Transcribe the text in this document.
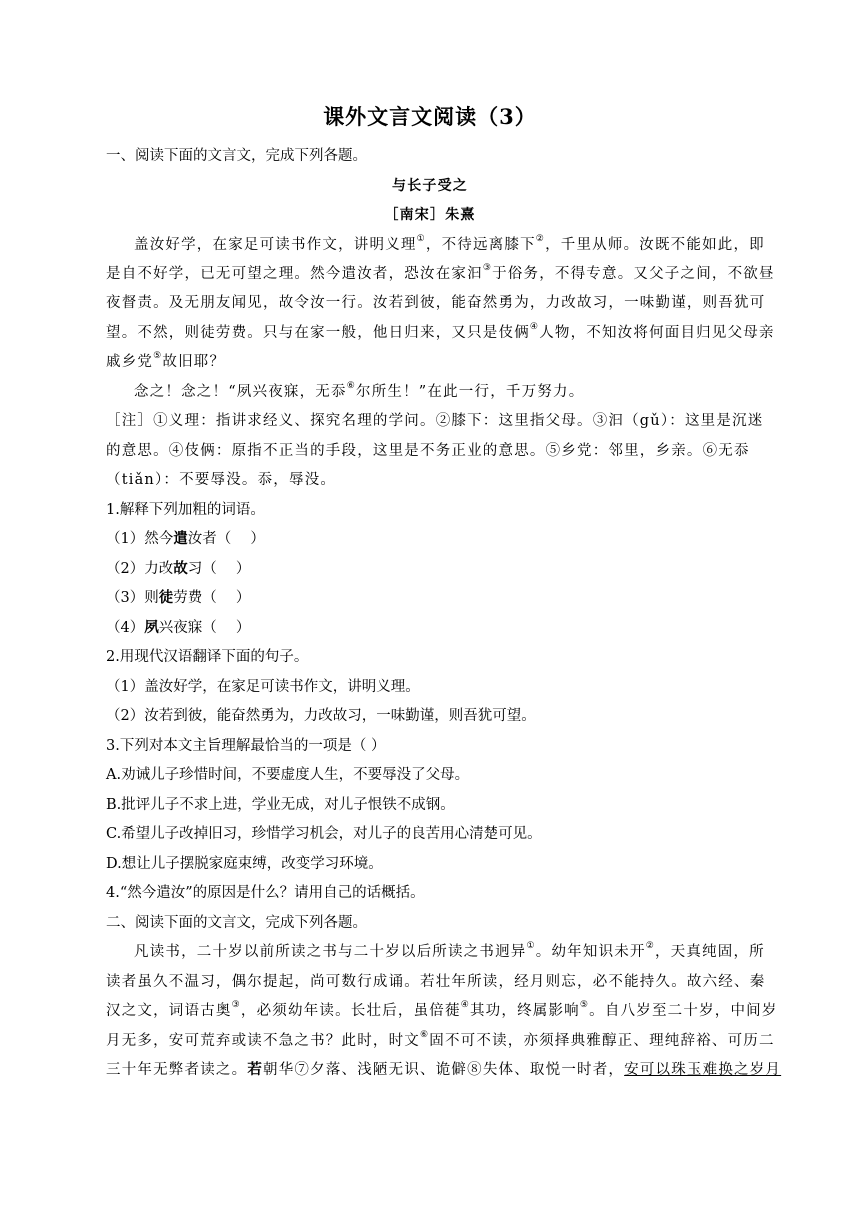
课外文言文阅读（3）
一、阅读下面的文言文，完成下列各题。
与长子受之
［南宋］朱熹
盖汝好学，在家足可读书作文，讲明义理①，不待远离膝下②，千里从师。汝既不能如此，即
是自不好学，已无可望之理。然今遣汝者，恐汝在家汩③于俗务，不得专意。又父子之间，不欲昼
夜督责。及无朋友闻见，故令汝一行。汝若到彼，能奋然勇为，力改故习，一味勤谨，则吾犹可
望。不然，则徒劳费。只与在家一般，他日归来，又只是伎俩④人物，不知汝将何面目归见父母亲
戚乡党⑤故旧耶？
念之！念之！“夙兴夜寐，无忝⑥尔所生！”在此一行，千万努力。
［注］①义理：指讲求经义、探究名理的学问。②膝下：这里指父母。③汩（gǔ）：这里是沉迷
的意思。④伎俩：原指不正当的手段，这里是不务正业的意思。⑤乡党：邻里，乡亲。⑥无忝
（tiǎn）：不要辱没。忝，辱没。
1.解释下列加粗的词语。
（1）然今遣汝者（　 ）
（2）力改故习（　 ）
（3）则徒劳费（　 ）
（4）夙兴夜寐（　 ）
2.用现代汉语翻译下面的句子。
（1）盖汝好学，在家足可读书作文，讲明义理。
（2）汝若到彼，能奋然勇为，力改故习，一味勤谨，则吾犹可望。
3.下列对本文主旨理解最恰当的一项是（ ）
A.劝诫儿子珍惜时间，不要虚度人生，不要辱没了父母。
B.批评儿子不求上进，学业无成，对儿子恨铁不成钢。
C.希望儿子改掉旧习，珍惜学习机会，对儿子的良苦用心清楚可见。
D.想让儿子摆脱家庭束缚，改变学习环境。
4.“然今遣汝”的原因是什么？请用自己的话概括。
二、阅读下面的文言文，完成下列各题。
凡读书，二十岁以前所读之书与二十岁以后所读之书迥异①。幼年知识未开②，天真纯固，所
读者虽久不温习，偶尔提起，尚可数行成诵。若壮年所读，经月则忘，必不能持久。故六经、秦
汉之文，词语古奥③，必须幼年读。长壮后，虽倍蓰④其功，终属影响⑤。自八岁至二十岁，中间岁
月无多，安可荒弃或读不急之书？此时，时文⑥固不可不读，亦须择典雅醇正、理纯辞裕、可历二
三十年无弊者读之。若朝华⑦夕落、浅陋无识、诡僻⑧失体、取悦一时者，安可以珠玉难换之岁月
